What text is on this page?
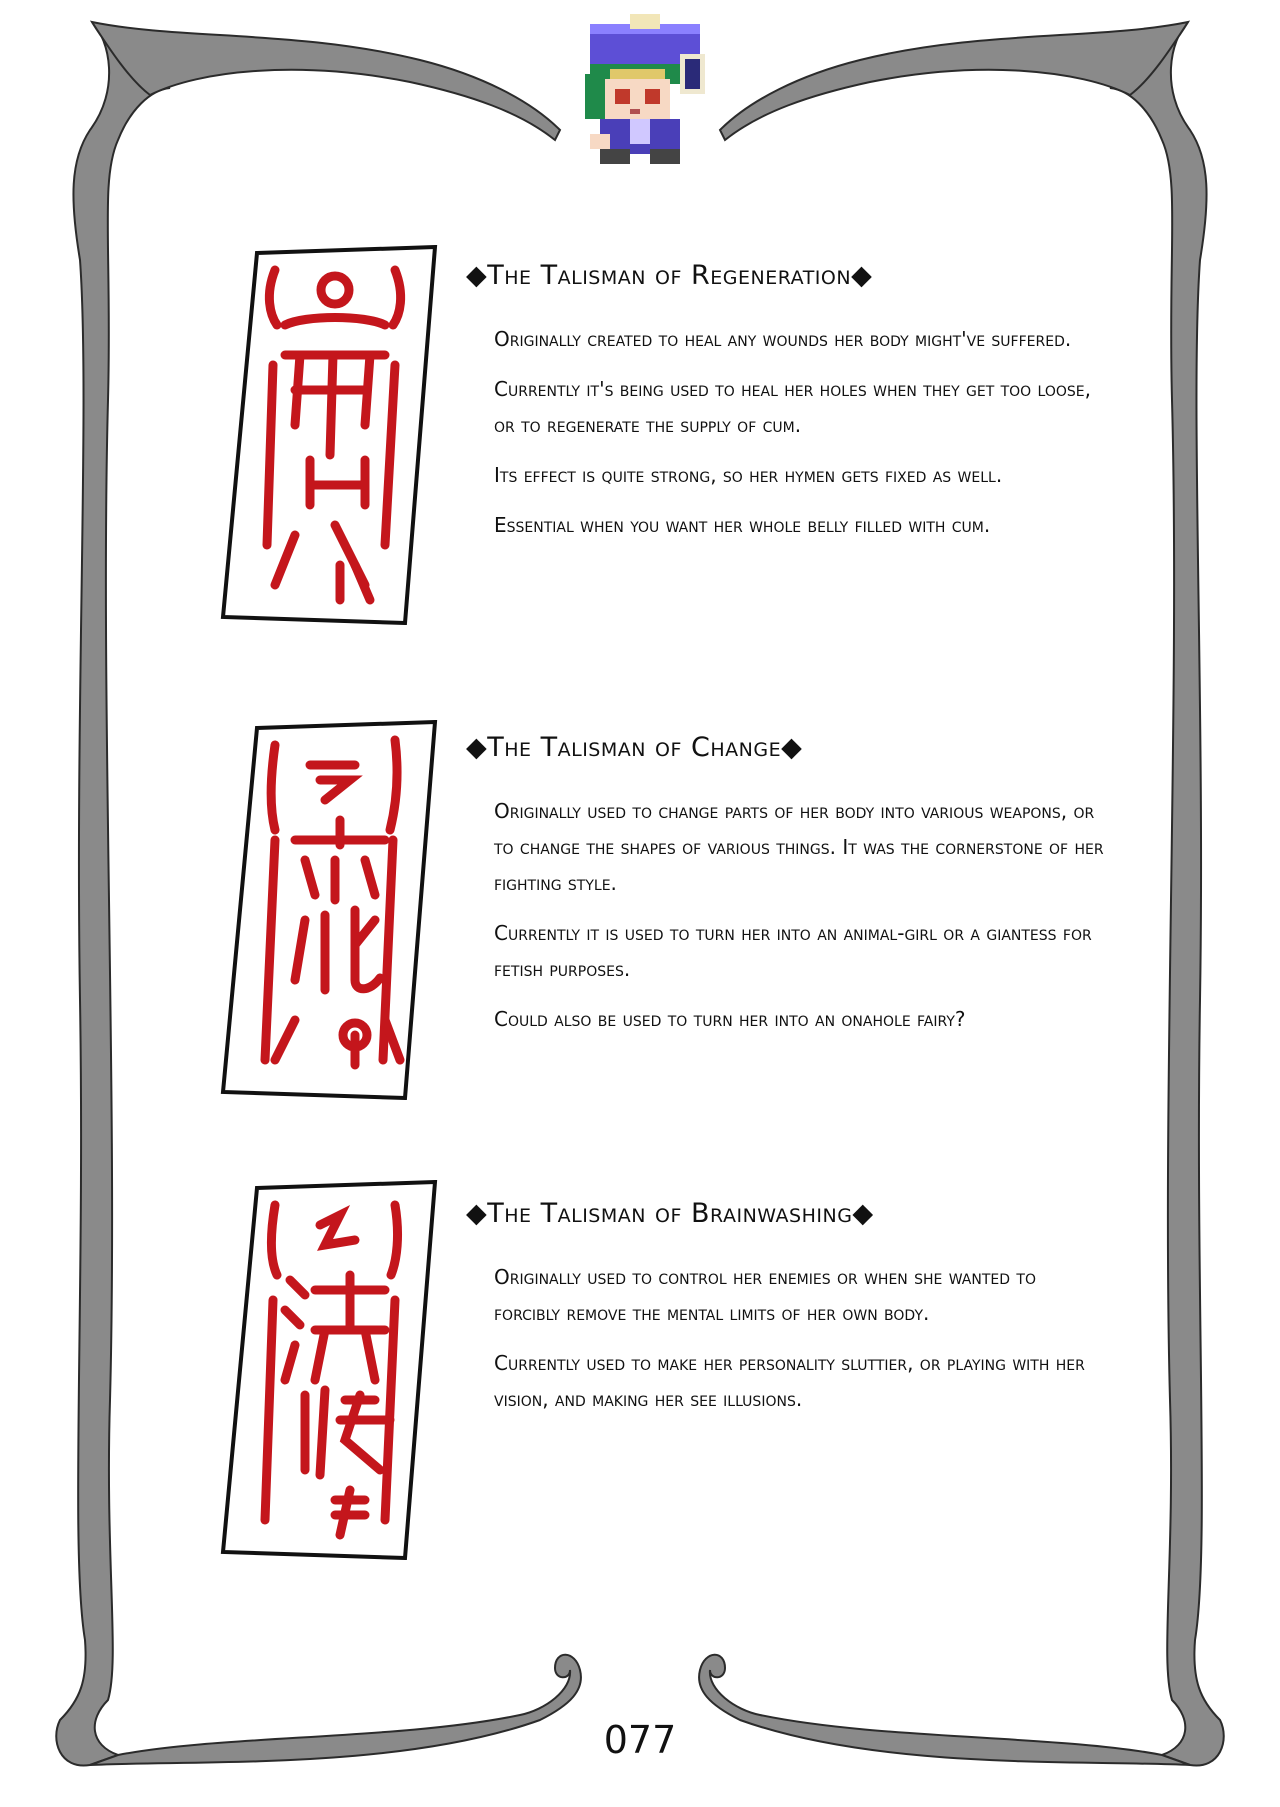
◆The Talisman of Regeneration◆

Originally created to heal any wounds her body might've suffered.

Currently it's being used to heal her holes when they get too loose, or to regenerate the supply of cum.

Its effect is quite strong, so her hymen gets fixed as well.

Essential when you want her whole belly filled with cum.

◆The Talisman of Change◆

Originally used to change parts of her body into various weapons, or to change the shapes of various things. It was the cornerstone of her fighting style.

Currently it is used to turn her into an animal-girl or a giantess for fetish purposes.

Could also be used to turn her into an onahole fairy?

◆The Talisman of Brainwashing◆

Originally used to control her enemies or when she wanted to forcibly remove the mental limits of her own body.

Currently used to make her personality sluttier, or playing with her vision, and making her see illusions.

077
